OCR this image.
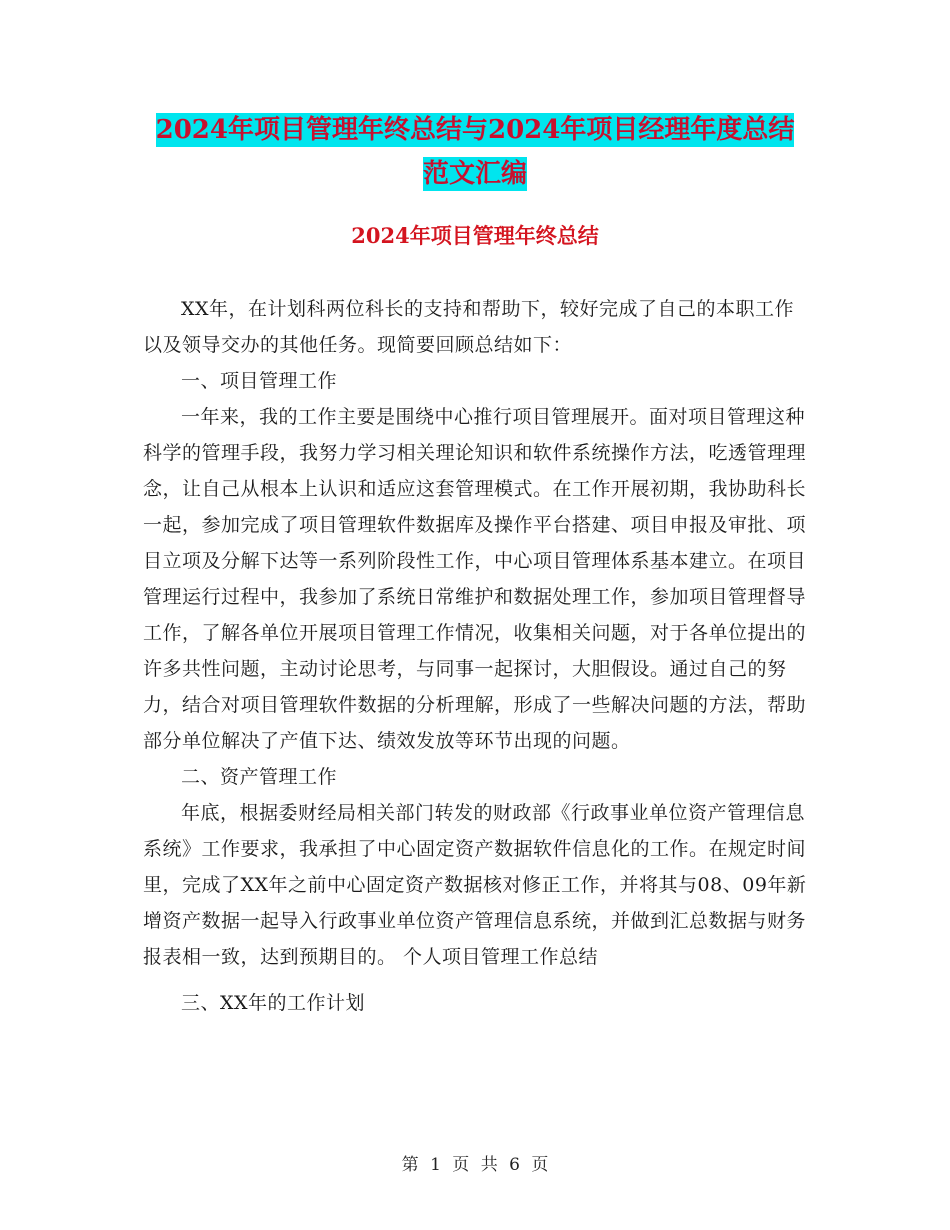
2024年项目管理年终总结与2024年项目经理年度总结
范文汇编
2024年项目管理年终总结

XX年，在计划科两位科长的支持和帮助下，较好完成了自己的本职工作以及领导交办的其他任务。现简要回顾总结如下：

一、项目管理工作

一年来，我的工作主要是围绕中心推行项目管理展开。面对项目管理这种科学的管理手段，我努力学习相关理论知识和软件系统操作方法，吃透管理理念，让自己从根本上认识和适应这套管理模式。在工作开展初期，我协助科长一起，参加完成了项目管理软件数据库及操作平台搭建、项目申报及审批、项目立项及分解下达等一系列阶段性工作，中心项目管理体系基本建立。在项目管理运行过程中，我参加了系统日常维护和数据处理工作，参加项目管理督导工作，了解各单位开展项目管理工作情况，收集相关问题，对于各单位提出的许多共性问题，主动讨论思考，与同事一起探讨，大胆假设。通过自己的努力，结合对项目管理软件数据的分析理解，形成了一些解决问题的方法，帮助部分单位解决了产值下达、绩效发放等环节出现的问题。

二、资产管理工作

年底，根据委财经局相关部门转发的财政部《行政事业单位资产管理信息系统》工作要求，我承担了中心固定资产数据软件信息化的工作。在规定时间里，完成了XX年之前中心固定资产数据核对修正工作，并将其与08、09年新增资产数据一起导入行政事业单位资产管理信息系统，并做到汇总数据与财务报表相一致，达到预期目的。 个人项目管理工作总结

三、XX年的工作计划

第 1 页 共 6 页
